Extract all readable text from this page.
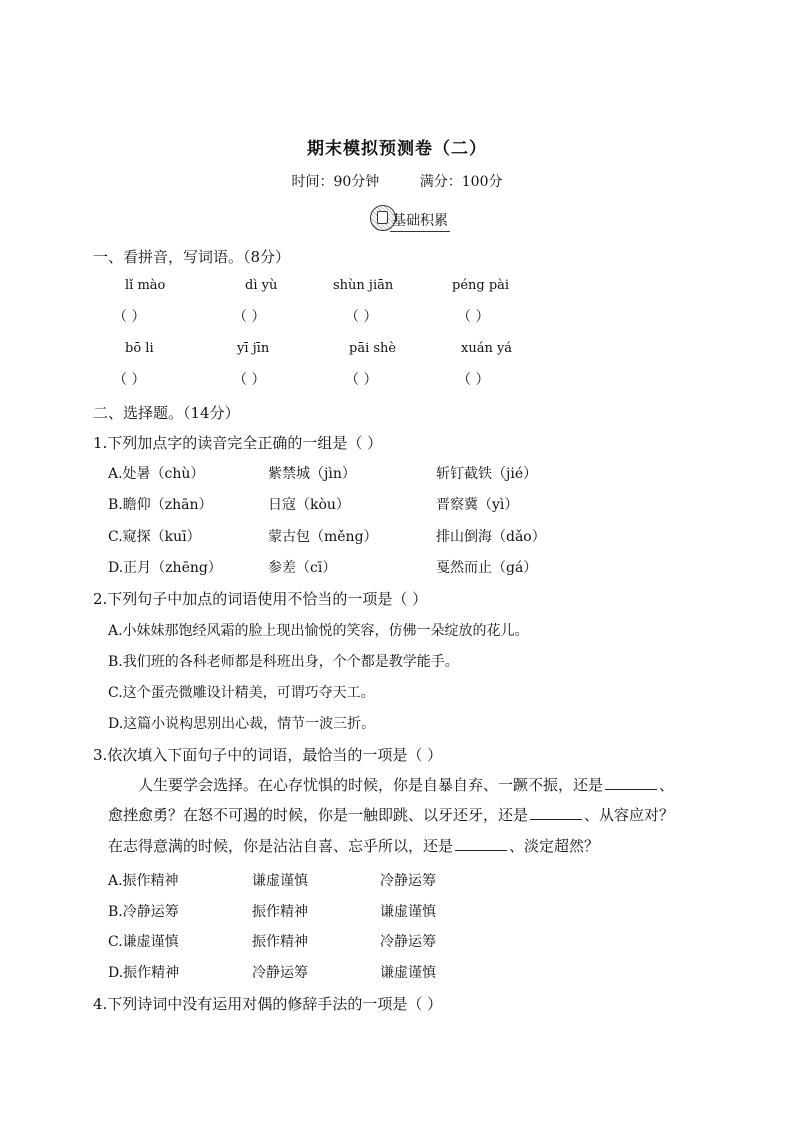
期末模拟预测卷（二）
时间：90分钟	满分：100分
基础积累
一、看拼音，写词语。（8分）
lǐ mào	dì yù	shùn jiān	péng pài
（ ）	（ ）	（ ）	（ ）
bō li	yī jīn	pāi shè	xuán yá
（ ）	（ ）	（ ）	（ ）
二、选择题。（14分）
1.下列加点字的读音完全正确的一组是（ ）
A.处暑（chù）	紫禁城（jìn）	斩钉截铁（jié）
B.瞻仰（zhān）	日寇（kòu）	晋察冀（yì）
C.窥探（kuī）	蒙古包（měng）	排山倒海（dǎo）
D.正月（zhēng）	参差（cī）	戛然而止（gá）
2.下列句子中加点的词语使用不恰当的一项是（ ）
A.小妹妹那饱经风霜的脸上现出愉悦的笑容，仿佛一朵绽放的花儿。
B.我们班的各科老师都是科班出身，个个都是教学能手。
C.这个蛋壳微雕设计精美，可谓巧夺天工。
D.这篇小说构思别出心裁，情节一波三折。
3.依次填入下面句子中的词语，最恰当的一项是（ ）
人生要学会选择。在心存忧惧的时候，你是自暴自弃、一蹶不振，还是	、
愈挫愈勇？在怒不可遏的时候，你是一触即跳、以牙还牙，还是	、从容应对？
在志得意满的时候，你是沾沾自喜、忘乎所以，还是	、淡定超然？
A.振作精神	谦虚谨慎	冷静运筹
B.冷静运筹	振作精神	谦虚谨慎
C.谦虚谨慎	振作精神	冷静运筹
D.振作精神	冷静运筹	谦虚谨慎
4.下列诗词中没有运用对偶的修辞手法的一项是（ ）
